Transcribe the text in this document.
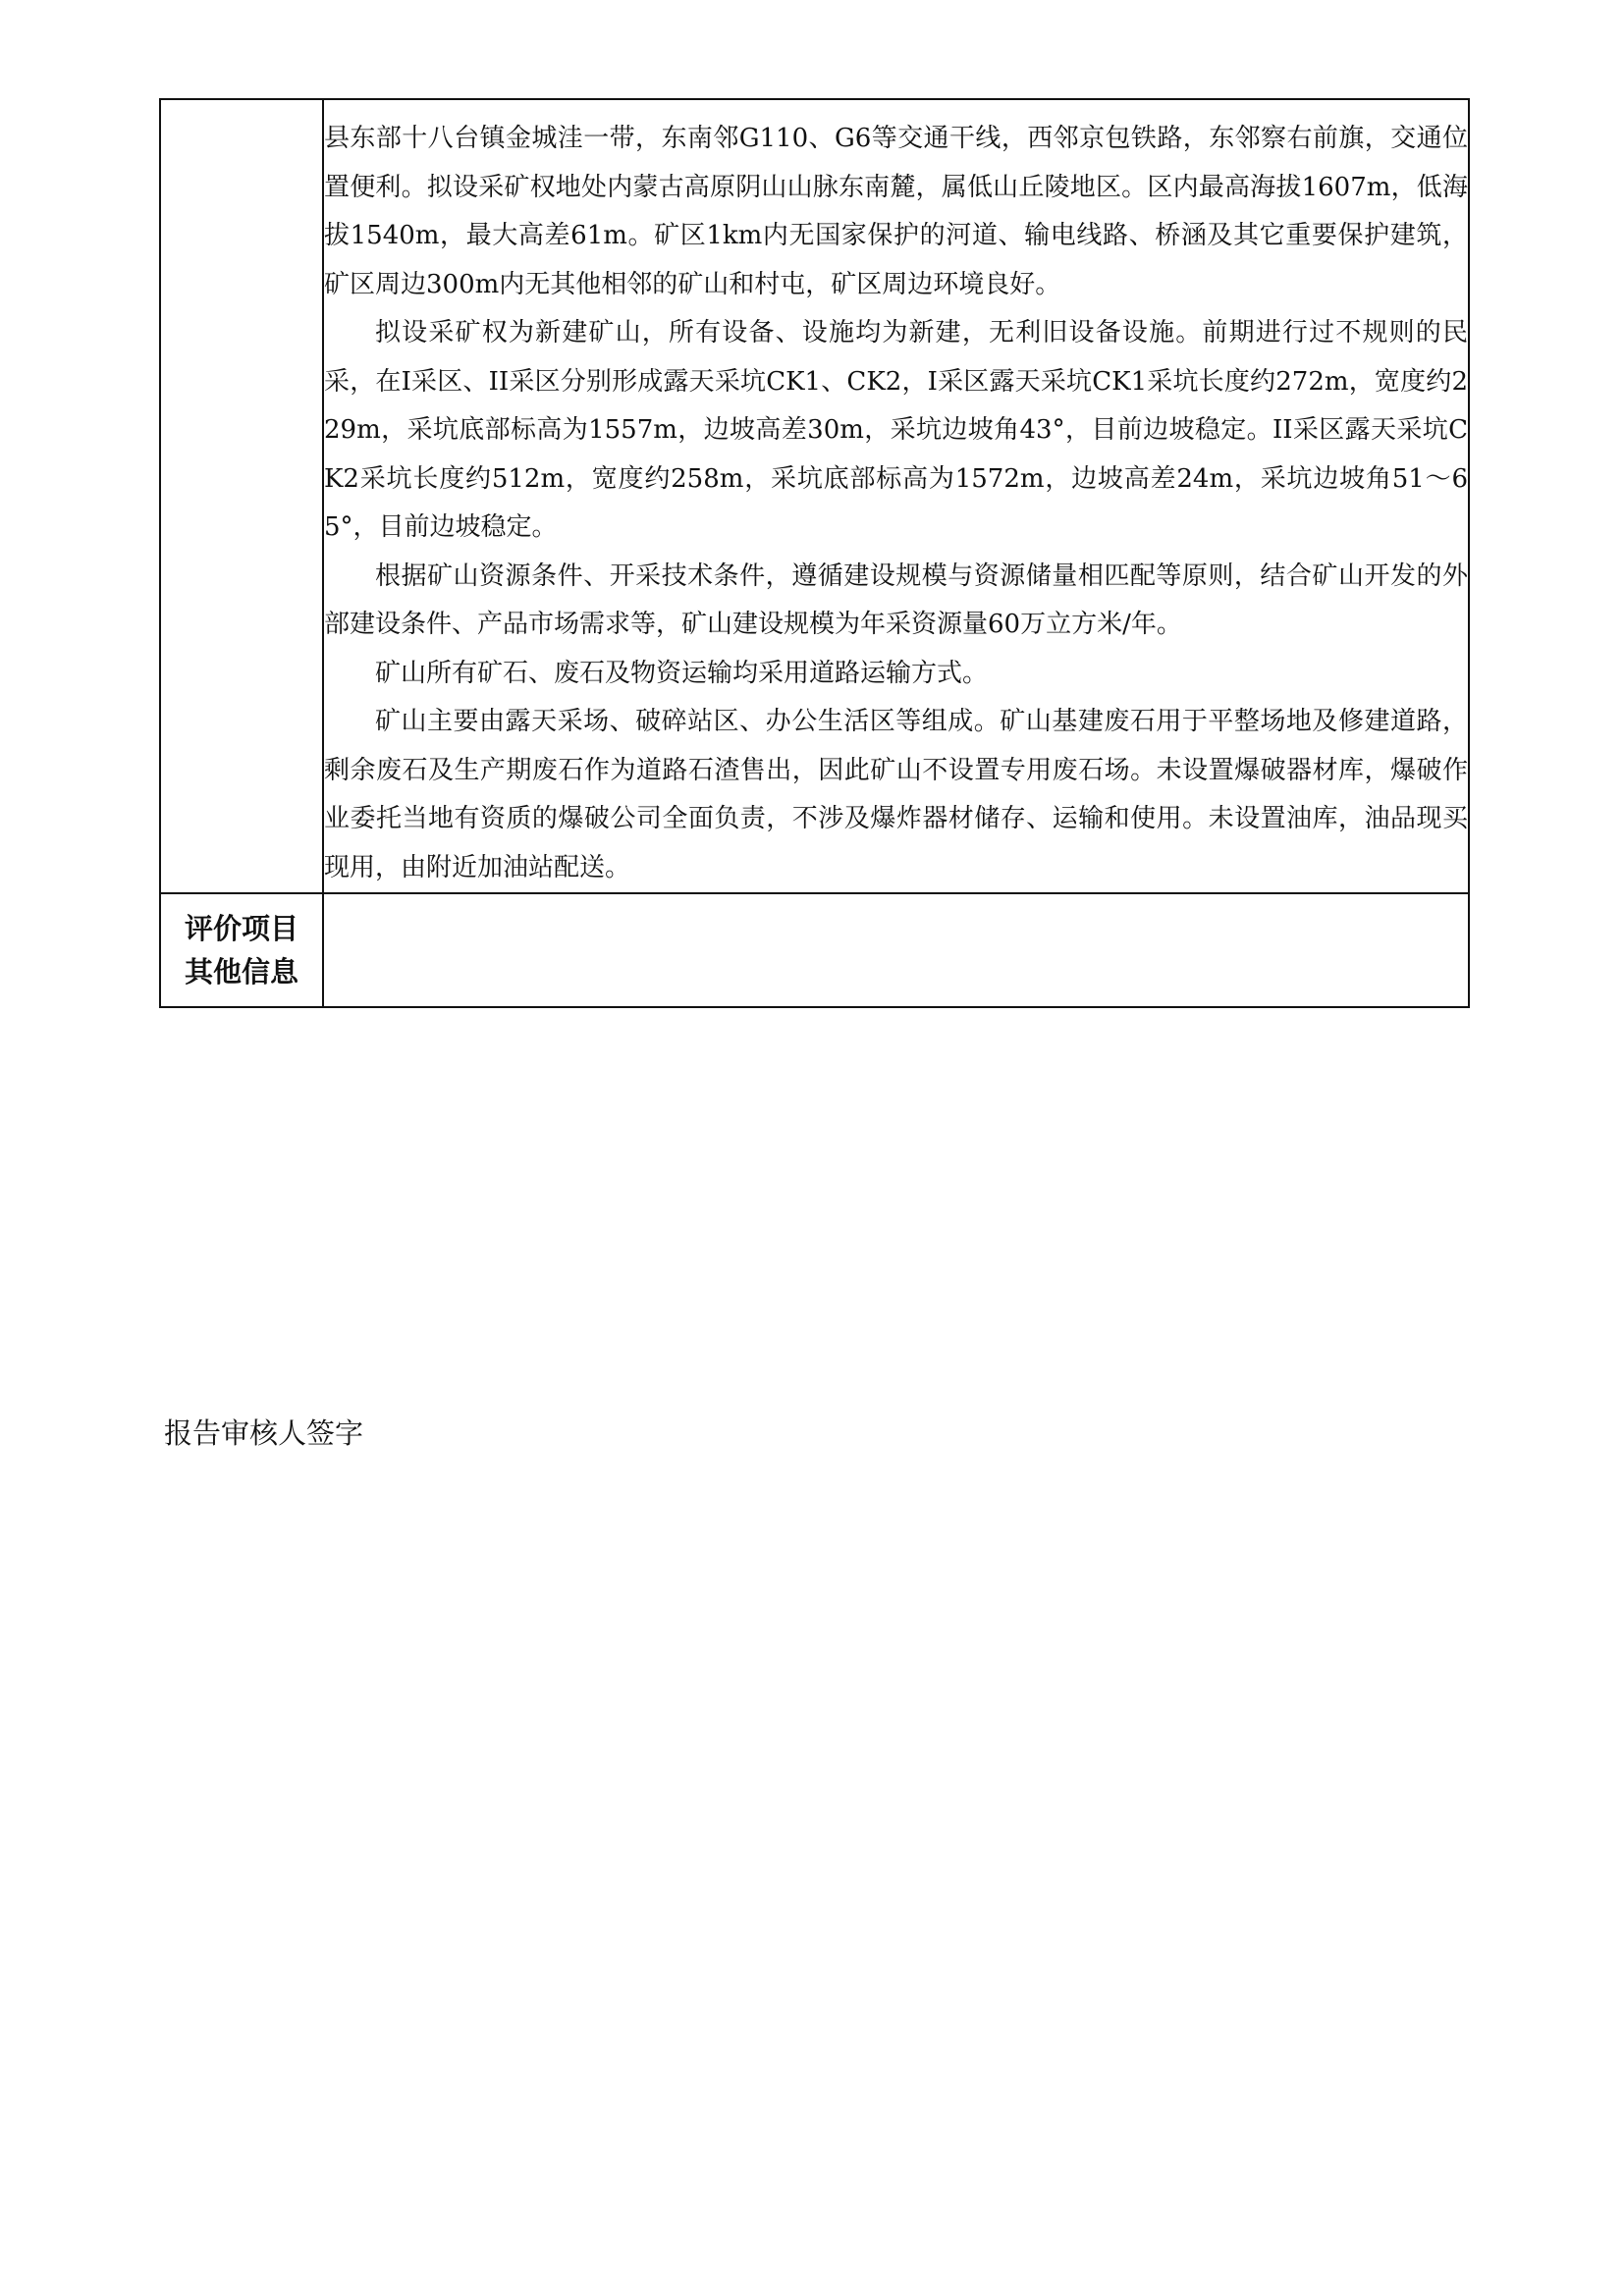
	县东部十八台镇金城洼一带，东南邻G110、G6等交通干线，西邻京包铁路，东邻察右前旗，交通位置便利。拟设采矿权地处内蒙古高原阴山山脉东南麓，属低山丘陵地区。区内最高海拔1607m，低海拔1540m，最大高差61m。矿区1km内无国家保护的河道、输电线路、桥涵及其它重要保护建筑，矿区周边300m内无其他相邻的矿山和村屯，矿区周边环境良好。

拟设采矿权为新建矿山，所有设备、设施均为新建，无利旧设备设施。前期进行过不规则的民采，在I采区、II采区分别形成露天采坑CK1、CK2，I采区露天采坑CK1采坑长度约272m，宽度约229m，采坑底部标高为1557m，边坡高差30m，采坑边坡角43°，目前边坡稳定。II采区露天采坑CK2采坑长度约512m，宽度约258m，采坑底部标高为1572m，边坡高差24m，采坑边坡角51～65°，目前边坡稳定。

根据矿山资源条件、开采技术条件，遵循建设规模与资源储量相匹配等原则，结合矿山开发的外部建设条件、产品市场需求等，矿山建设规模为年采资源量60万立方米/年。

矿山所有矿石、废石及物资运输均采用道路运输方式。

矿山主要由露天采场、破碎站区、办公生活区等组成。矿山基建废石用于平整场地及修建道路，剩余废石及生产期废石作为道路石渣售出，因此矿山不设置专用废石场。未设置爆破器材库，爆破作业委托当地有资质的爆破公司全面负责，不涉及爆炸器材储存、运输和使用。未设置油库，油品现买现用，由附近加油站配送。

评价项目
其他信息	

报告审核人签字
